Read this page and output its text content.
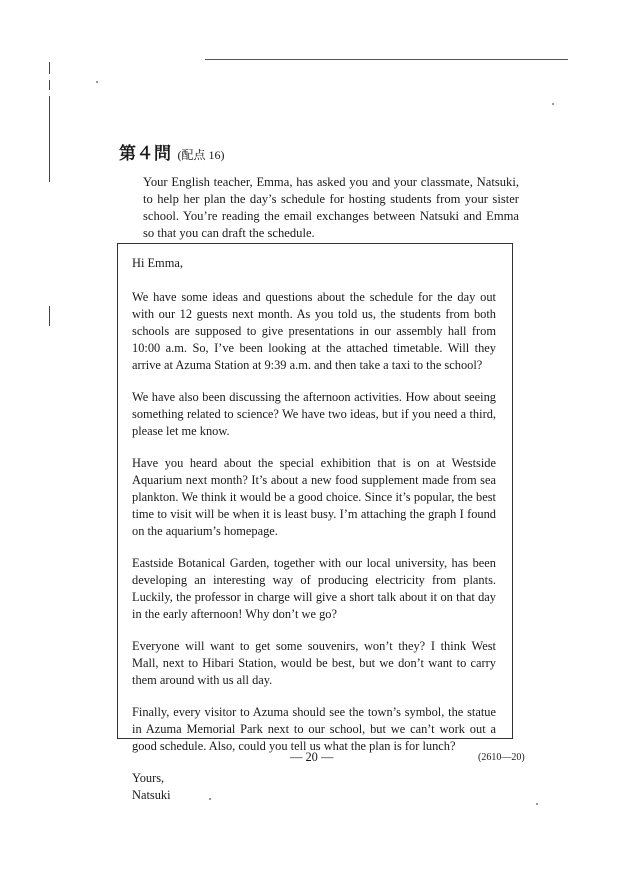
第４問 (配点 16)

Your English teacher, Emma, has asked you and your classmate, Natsuki, to help her plan the day’s schedule for hosting students from your sister school. You’re reading the email exchanges between Natsuki and Emma so that you can draft the schedule.

Hi Emma,

We have some ideas and questions about the schedule for the day out with our 12 guests next month. As you told us, the students from both schools are supposed to give presentations in our assembly hall from 10:00 a.m. So, I’ve been looking at the attached timetable. Will they arrive at Azuma Station at 9:39 a.m. and then take a taxi to the school?

We have also been discussing the afternoon activities. How about seeing something related to science? We have two ideas, but if you need a third, please let me know.

Have you heard about the special exhibition that is on at Westside Aquarium next month? It’s about a new food supplement made from sea plankton. We think it would be a good choice. Since it’s popular, the best time to visit will be when it is least busy. I’m attaching the graph I found on the aquarium’s homepage.

Eastside Botanical Garden, together with our local university, has been developing an interesting way of producing electricity from plants. Luckily, the professor in charge will give a short talk about it on that day in the early afternoon! Why don’t we go?

Everyone will want to get some souvenirs, won’t they? I think West Mall, next to Hibari Station, would be best, but we don’t want to carry them around with us all day.

Finally, every visitor to Azuma should see the town’s symbol, the statue in Azuma Memorial Park next to our school, but we can’t work out a good schedule. Also, could you tell us what the plan is for lunch?

Yours,

Natsuki

— 20 —	(2610—20)
